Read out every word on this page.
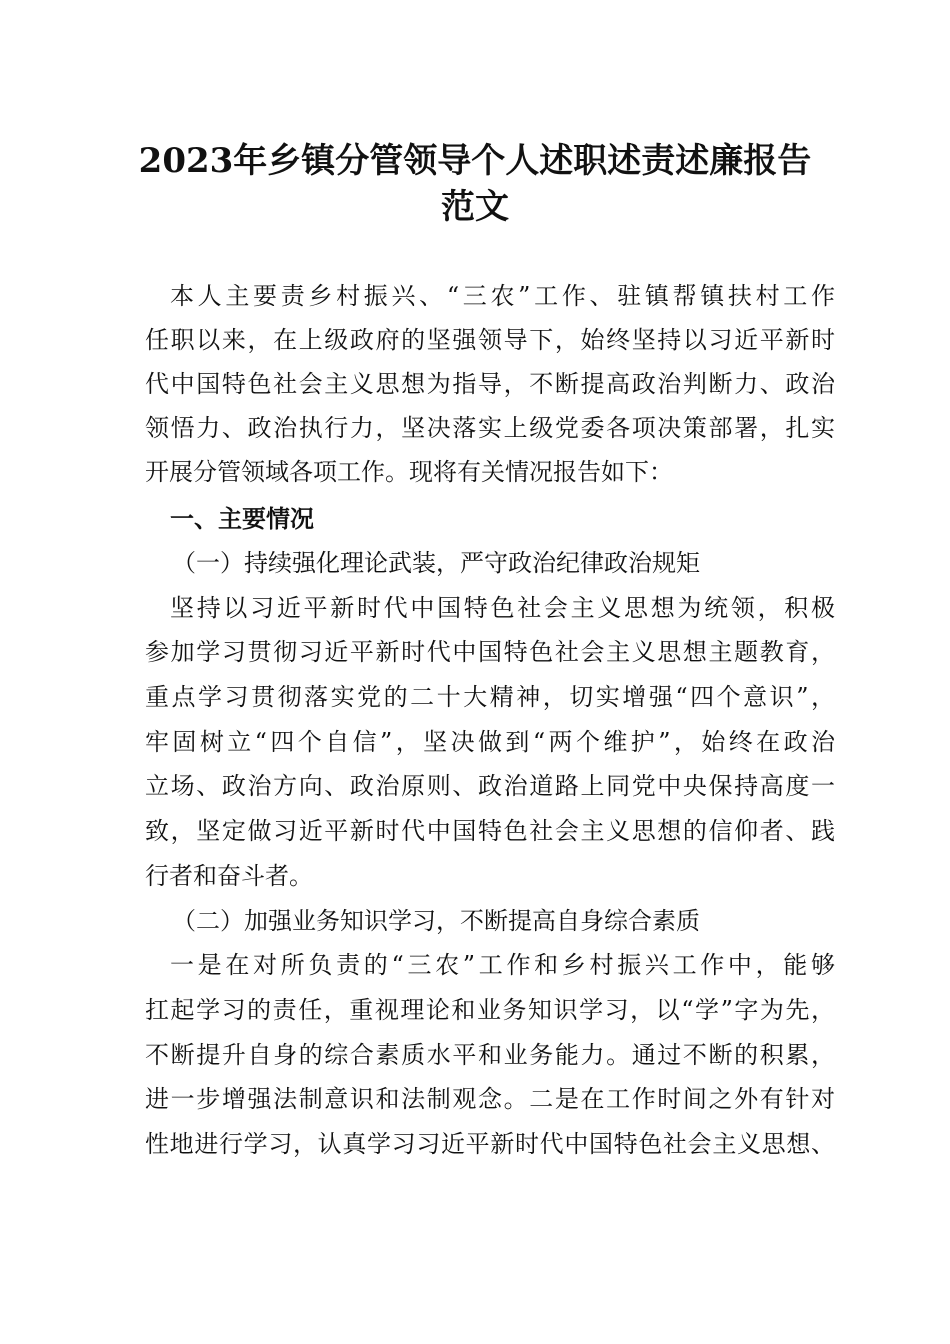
2023年乡镇分管领导个人述职述责述廉报告
范文
本人主要责乡村振兴、“三农”工作、驻镇帮镇扶村工作
任职以来，在上级政府的坚强领导下，始终坚持以习近平新时
代中国特色社会主义思想为指导，不断提高政治判断力、政治
领悟力、政治执行力，坚决落实上级党委各项决策部署，扎实
开展分管领域各项工作。现将有关情况报告如下：
一、主要情况
（一）持续强化理论武装，严守政治纪律政治规矩
坚持以习近平新时代中国特色社会主义思想为统领，积极
参加学习贯彻习近平新时代中国特色社会主义思想主题教育，
重点学习贯彻落实党的二十大精神，切实增强“四个意识”，
牢固树立“四个自信”，坚决做到“两个维护”，始终在政治
立场、政治方向、政治原则、政治道路上同党中央保持高度一
致，坚定做习近平新时代中国特色社会主义思想的信仰者、践
行者和奋斗者。
（二）加强业务知识学习，不断提高自身综合素质
一是在对所负责的“三农”工作和乡村振兴工作中，能够
扛起学习的责任，重视理论和业务知识学习，以“学”字为先，
不断提升自身的综合素质水平和业务能力。通过不断的积累，
进一步增强法制意识和法制观念。二是在工作时间之外有针对
性地进行学习，认真学习习近平新时代中国特色社会主义思想、
